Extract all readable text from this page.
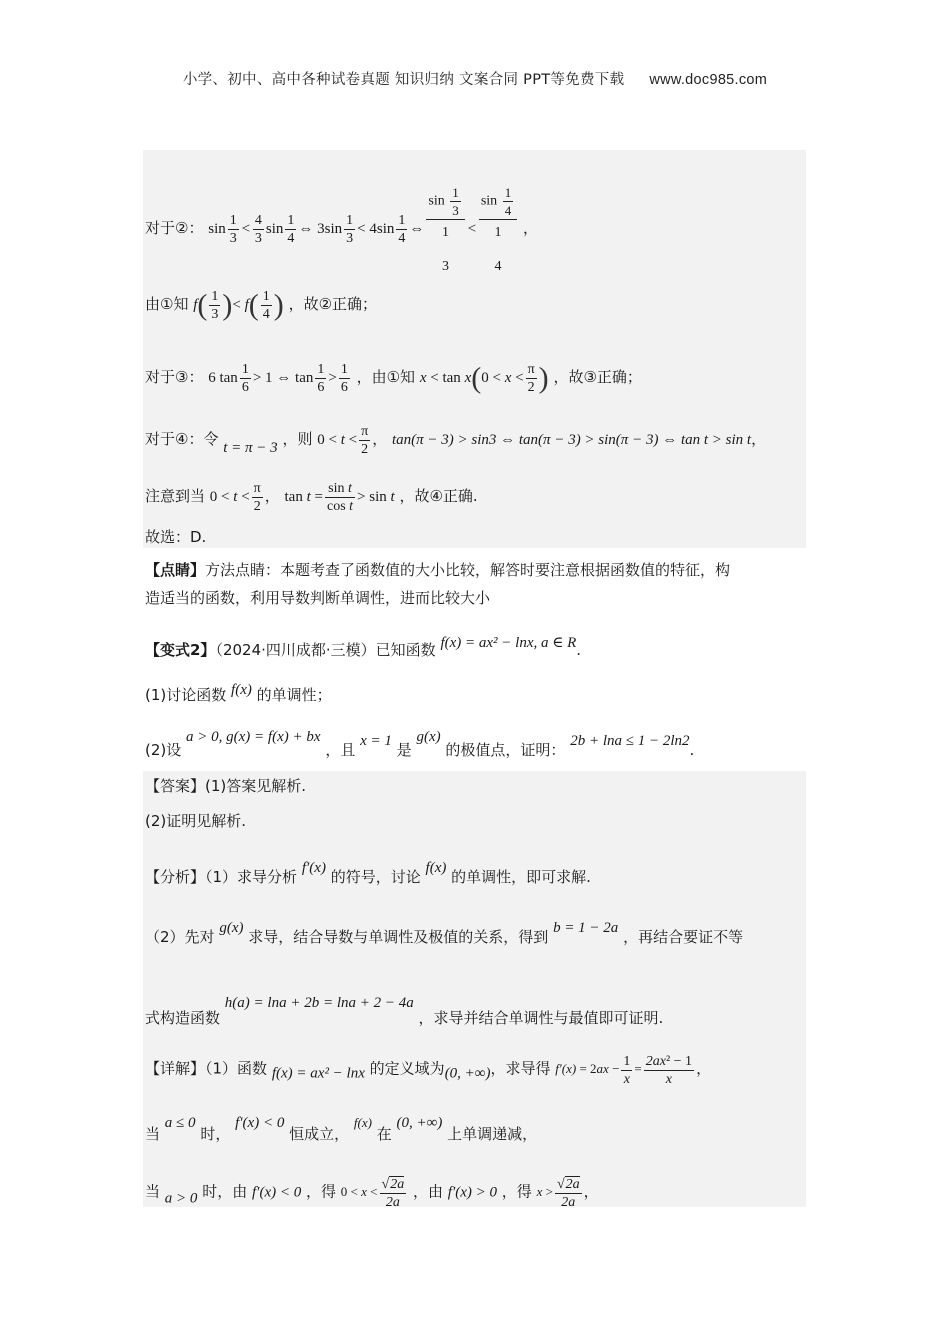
小学、初中、高中各种试卷真题 知识归纳 文案合同 PPT等免费下载 www.doc985.com
对于②： $\sin \frac{1}{3} < \frac{4}{3}$ $\sin \frac{1}{4}$ ⇔ $3\sin \frac{1}{3} < 4\sin \frac{1}{4}$ ⇔
$\sin \frac{1}{3}$
1

3
<
$\sin \frac{1}{4}$
1

4
，
由①知 $f( \frac{1}{3}$ )< $f( \frac{1}{4}$ ) ，故②正确；
对于③： 6 $\tan \frac{1}{6} > 1$ ⇔ $\tan \frac{1}{6} > \frac{1}{6}$ ，由①知 $x < \tan x(0 < x < \frac{\pi}{2}$ ) ，故③正确；
对于④：令 t = π − 3 ，则 $0 < t < \frac{\pi}{2}$ ， tan(π − 3) > sin3 ⇔ tan(π − 3) > sin(π − 3) ⇔ tan t > sin t，
注意到当 $0 < t < \frac{\pi}{2}$ ， $\tan t = \frac{\text{sin t}}{\text{cos t}} > \sin t$ ，故④正确.
故选：D.
【点睛】方法点睛：本题考查了函数值的大小比较，解答时要注意根据函数值的特征，构
造适当的函数，利用导数判断单调性，进而比较大小
【变式2】（2024·四川成都·三模）已知函数 f(x) = ax² − lnx, a ∈ R.
(1)讨论函数 f(x) 的单调性；
(2)设 a > 0, g(x) = f(x) + bx ，且 x = 1 是 g(x) 的极值点，证明： 2b + lna ≤ 1 − 2ln2.
【答案】(1)答案见解析.
(2)证明见解析.
【分析】（1）求导分析 f′(x) 的符号，讨论 f(x) 的单调性，即可求解.
（2）先对 g(x) 求导，结合导数与单调性及极值的关系，得到 b = 1 − 2a ，再结合要证不等
式构造函数 h(a) = lna + 2b = lna + 2 − 4a ，求导并结合单调性与最值即可证明.
【详解】（1）函数 f(x) = ax² − lnx 的定义域为(0, +∞)，求导得 $f'(x) = 2ax - \frac{1}{x} = \frac{\text{2ax² − 1}}{x}$ ，
当 a ≤ 0 时， f′(x) < 0 恒成立， f(x) 在 (0, +∞) 上单调递减，
当 a > 0 时，由 f′(x) < 0 ，得 $0 < x < \frac{√2a}{2a}$ ，由 f′(x) > 0 ，得 $x > \frac{√2a}{2a}$ ，
